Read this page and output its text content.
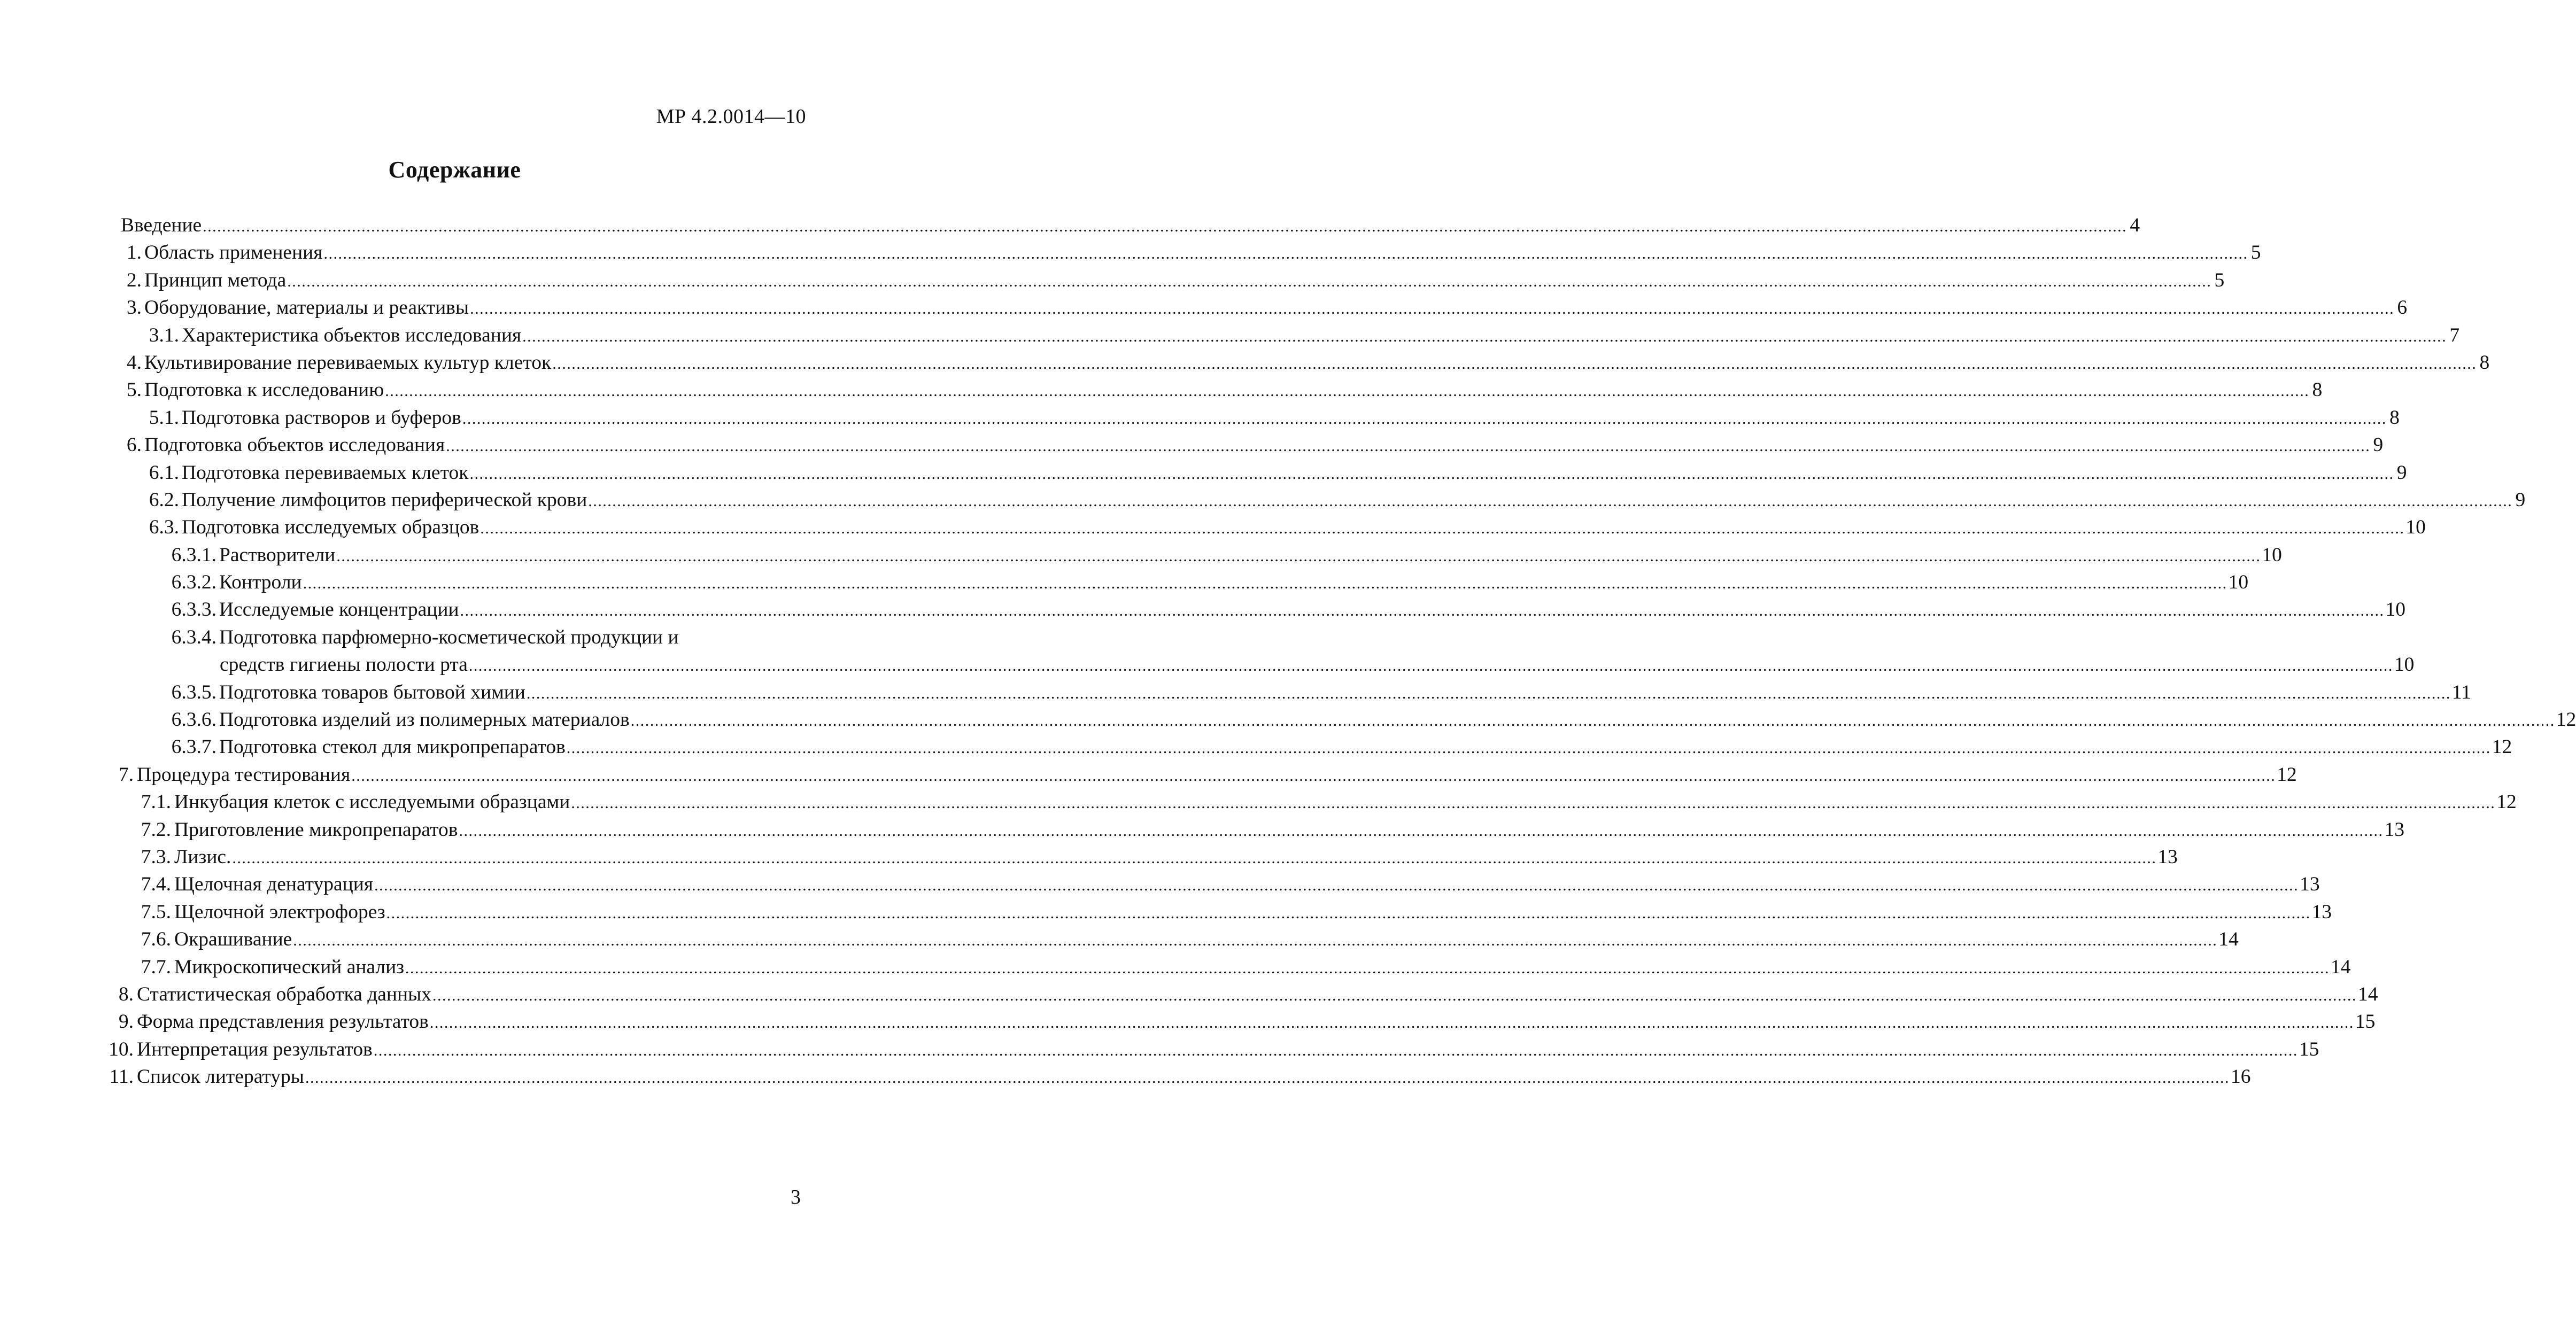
МР 4.2.0014—10
Содержание
Введение ................................................................................................................................................................................................................................................................................................................................................................................................................ 4
1. Область применения ................................................................................................................................................................................................................................................................................................................................................................................................................ 5
2. Принцип метода ................................................................................................................................................................................................................................................................................................................................................................................................................ 5
3. Оборудование, материалы и реактивы ................................................................................................................................................................................................................................................................................................................................................................................................................ 6
3.1. Характеристика объектов исследования ................................................................................................................................................................................................................................................................................................................................................................................................................ 7
4. Культивирование перевиваемых культур клеток ................................................................................................................................................................................................................................................................................................................................................................................................................ 8
5. Подготовка к исследованию ................................................................................................................................................................................................................................................................................................................................................................................................................ 8
5.1. Подготовка растворов и буферов ................................................................................................................................................................................................................................................................................................................................................................................................................ 8
6. Подготовка объектов исследования ................................................................................................................................................................................................................................................................................................................................................................................................................ 9
6.1. Подготовка перевиваемых клеток ................................................................................................................................................................................................................................................................................................................................................................................................................ 9
6.2. Получение лимфоцитов периферической крови ................................................................................................................................................................................................................................................................................................................................................................................................................ 9
6.3. Подготовка исследуемых образцов ................................................................................................................................................................................................................................................................................................................................................................................................................ 10
6.3.1. Растворители ................................................................................................................................................................................................................................................................................................................................................................................................................ 10
6.3.2. Контроли ................................................................................................................................................................................................................................................................................................................................................................................................................ 10
6.3.3. Исследуемые концентрации ................................................................................................................................................................................................................................................................................................................................................................................................................ 10
6.3.4. Подготовка парфюмерно-косметической продукции и
средств гигиены полости рта ................................................................................................................................................................................................................................................................................................................................................................................................................ 10
6.3.5. Подготовка товаров бытовой химии ................................................................................................................................................................................................................................................................................................................................................................................................................ 11
6.3.6. Подготовка изделий из полимерных материалов ................................................................................................................................................................................................................................................................................................................................................................................................................ 12
6.3.7. Подготовка стекол для микропрепаратов ................................................................................................................................................................................................................................................................................................................................................................................................................ 12
7. Процедура тестирования ................................................................................................................................................................................................................................................................................................................................................................................................................ 12
7.1. Инкубация клеток с исследуемыми образцами ................................................................................................................................................................................................................................................................................................................................................................................................................ 12
7.2. Приготовление микропрепаратов ................................................................................................................................................................................................................................................................................................................................................................................................................ 13
7.3. Лизис. ................................................................................................................................................................................................................................................................................................................................................................................................................ 13
7.4. Щелочная денатурация ................................................................................................................................................................................................................................................................................................................................................................................................................ 13
7.5. Щелочной электрофорез ................................................................................................................................................................................................................................................................................................................................................................................................................ 13
7.6. Окрашивание ................................................................................................................................................................................................................................................................................................................................................................................................................ 14
7.7. Микроскопический анализ ................................................................................................................................................................................................................................................................................................................................................................................................................ 14
8. Статистическая обработка данных ................................................................................................................................................................................................................................................................................................................................................................................................................ 14
9. Форма представления результатов ................................................................................................................................................................................................................................................................................................................................................................................................................ 15
10. Интерпретация результатов ................................................................................................................................................................................................................................................................................................................................................................................................................ 15
11. Список литературы ................................................................................................................................................................................................................................................................................................................................................................................................................ 16
3
